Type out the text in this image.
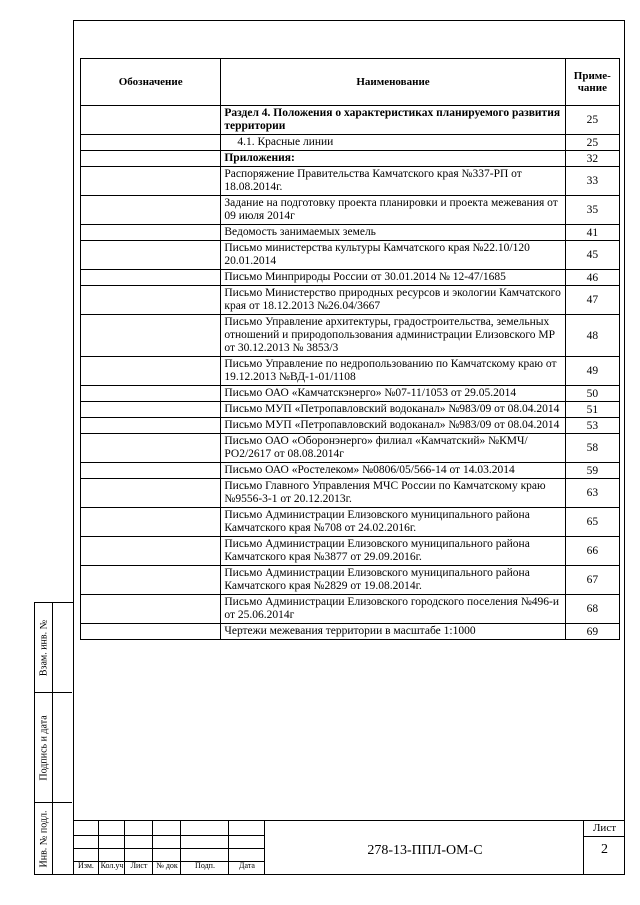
Обозначение	Наименование	Приме-
чание
	Раздел 4. Положения о характеристиках планируемого развития территории	25
	4.1. Красные линии	25
	Приложения:	32
	Распоряжение Правительства Камчатского края №337-РП от 18.08.2014г.	33
	Задание на подготовку проекта планировки и проекта межевания от 09 июля 2014г	35
	Ведомость занимаемых земель	41
	Письмо министерства культуры Камчатского края №22.10/120 20.01.2014	45
	Письмо Минприроды России от 30.01.2014 № 12-47/1685	46
	Письмо Министерство природных ресурсов и экологии Камчатского края от 18.12.2013 №26.04/3667	47
	Письмо Управление архитектуры, градостроительства, земельных отношений и природопользования администрации Елизовского МР от 30.12.2013 № 3853/3	48
	Письмо Управление по недропользованию по Камчатскому краю от 19.12.2013 №ВД-1-01/1108	49
	Письмо ОАО «Камчатскэнерго» №07-11/1053 от 29.05.2014	50
	Письмо МУП «Петропавловский водоканал» №983/09 от 08.04.2014	51
	Письмо МУП «Петропавловский водоканал» №983/09 от 08.04.2014	53
	Письмо ОАО «Оборонэнерго» филиал «Камчатский» №КМЧ/РО2/2617 от 08.08.2014г	58
	Письмо ОАО «Ростелеком» №0806/05/566-14 от 14.03.2014	59
	Письмо Главного Управления МЧС России по Камчатскому краю №9556-3-1 от 20.12.2013г.	63
	Письмо Администрации Елизовского муниципального района Камчатского края №708 от 24.02.2016г.	65
	Письмо Администрации Елизовского муниципального района Камчатского края №3877 от 29.09.2016г.	66
	Письмо Администрации Елизовского муниципального района Камчатского края №2829 от 19.08.2014г.	67
	Письмо Администрации Елизовского городского поселения №496-и от 25.06.2014г	68
	Чертежи межевания территории в масштабе 1:1000	69
Взам. инв. №
Подпись и дата
Инв. № подл.	Изм. Кол.уч Лист	№ док	Подп.	Дата
278-13-ППЛ-ОМ-С
Лист
2
